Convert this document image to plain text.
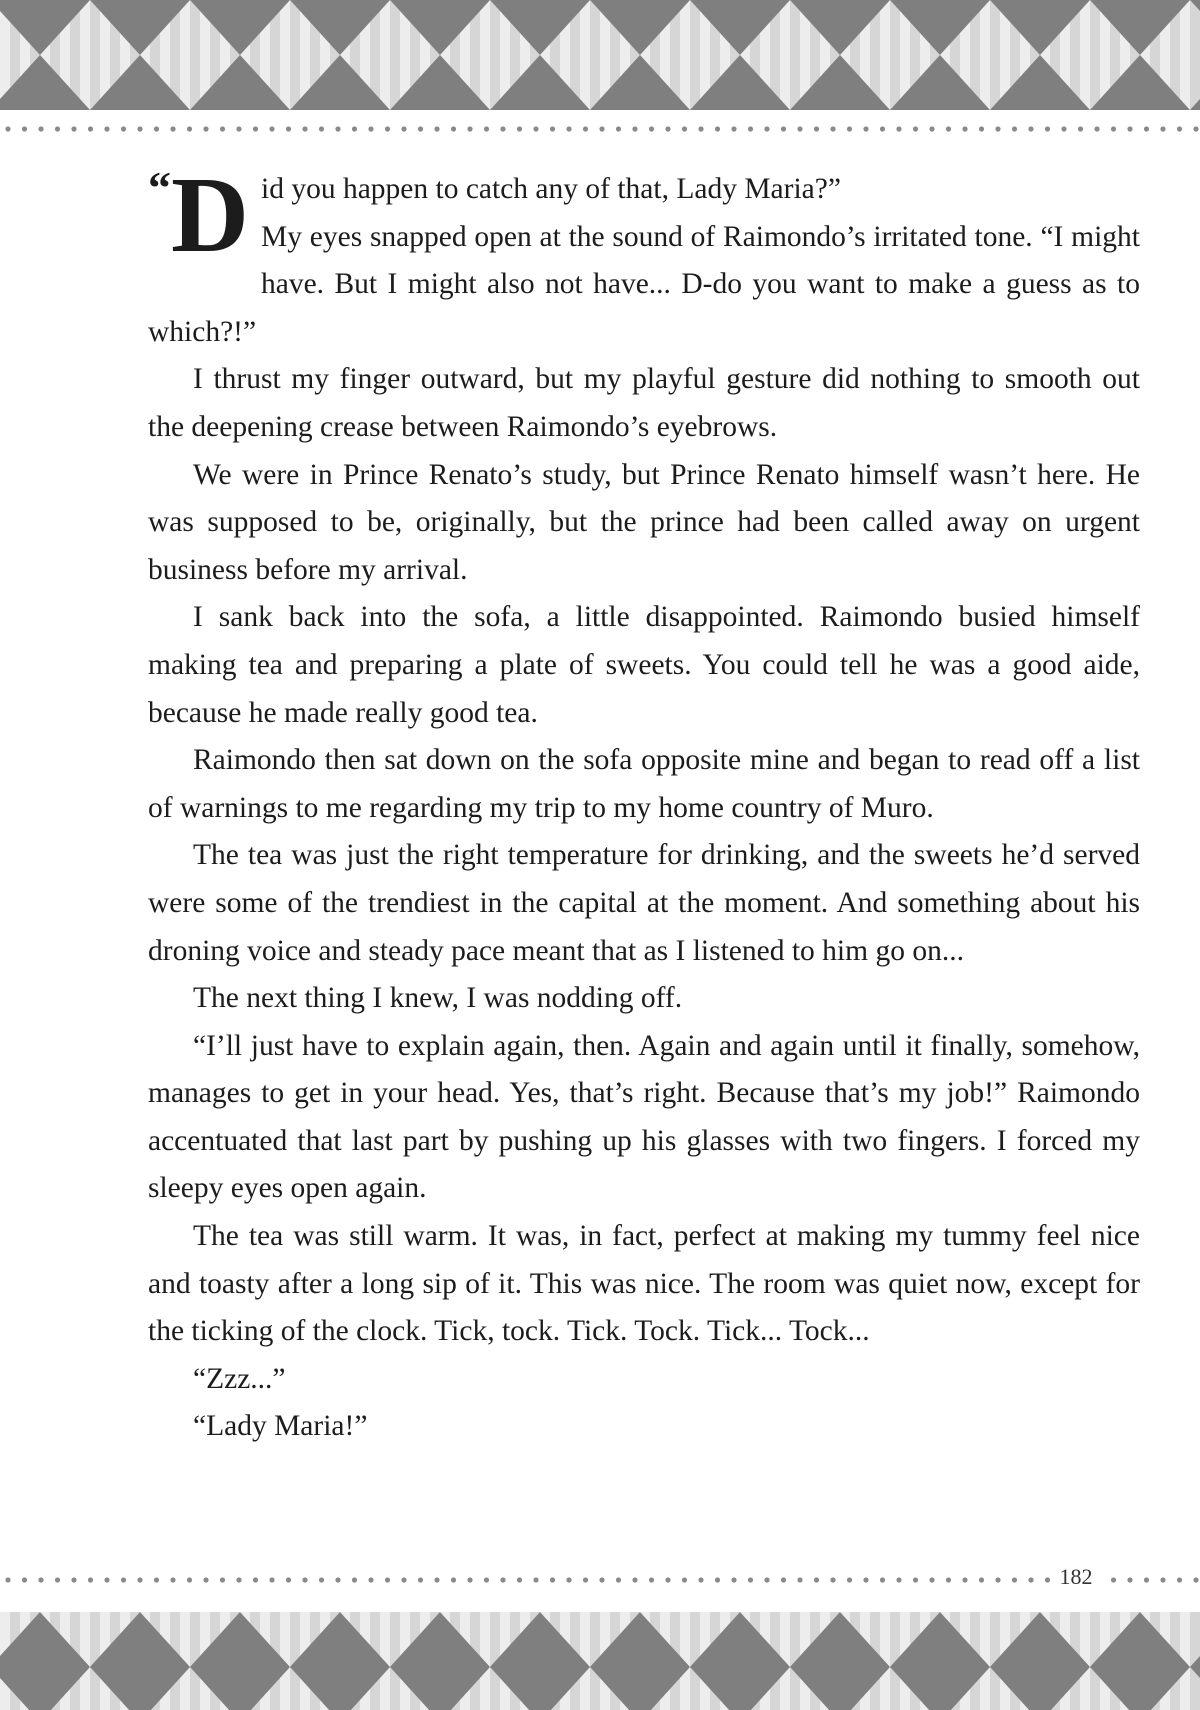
“ D id you happen to catch any of that, Lady Maria?”

My eyes snapped open at the sound of Raimondo’s irritated tone. “I might have. But I might also not have... D-do you want to make a guess as to which?!”

I thrust my finger outward, but my playful gesture did nothing to smooth out the deepening crease between Raimondo’s eyebrows.

We were in Prince Renato’s study, but Prince Renato himself wasn’t here. He was supposed to be, originally, but the prince had been called away on urgent business before my arrival.

I sank back into the sofa, a little disappointed. Raimondo busied himself making tea and preparing a plate of sweets. You could tell he was a good aide, because he made really good tea.

Raimondo then sat down on the sofa opposite mine and began to read off a list of warnings to me regarding my trip to my home country of Muro.

The tea was just the right temperature for drinking, and the sweets he’d served were some of the trendiest in the capital at the moment. And something about his droning voice and steady pace meant that as I listened to him go on...

The next thing I knew, I was nodding off.

“I’ll just have to explain again, then. Again and again until it finally, somehow, manages to get in your head. Yes, that’s right. Because that’s my job!” Raimondo accentuated that last part by pushing up his glasses with two fingers. I forced my sleepy eyes open again.

The tea was still warm. It was, in fact, perfect at making my tummy feel nice and toasty after a long sip of it. This was nice. The room was quiet now, except for the ticking of the clock. Tick, tock. Tick. Tock. Tick... Tock...

“Zzz...”

“Lady Maria!”

182
